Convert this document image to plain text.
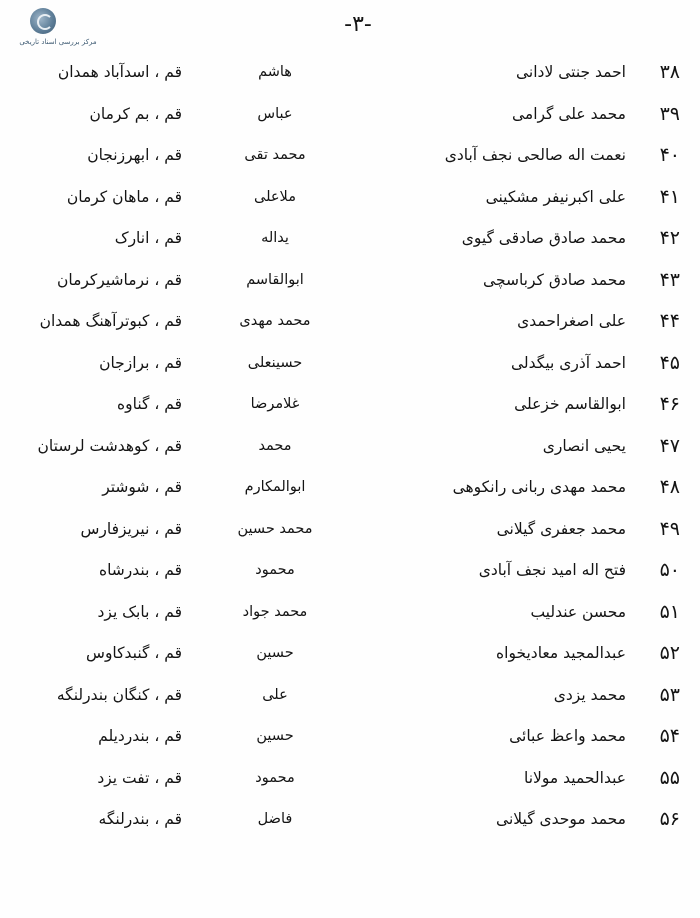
مرکز بررسی اسناد تاریخی
-۳-
۳۸
احمد جنتی لادانی
هاشم
قم ، اسدآباد همدان
۳۹
محمد علی گرامی
عباس
قم ، بم کرمان
۴۰
نعمت اله صالحی نجف آبادی
محمد تقی
قم ، ابهرزنجان
۴۱
علی اکبرنیفر مشکینی
ملاعلی
قم ، ماهان کرمان
۴۲
محمد صادق صادقی گیوی
یداله
قم ، انارک
۴۳
محمد صادق کرباسچی
ابوالقاسم
قم ، نرماشیرکرمان
۴۴
علی اصغراحمدی
محمد مهدی
قم ، کبوترآهنگ همدان
۴۵
احمد آذری بیگدلی
حسینعلی
قم ، برازجان
۴۶
ابوالقاسم خزعلی
غلامرضا
قم ، گناوه
۴۷
یحیی انصاری
محمد
قم ، کوهدشت لرستان
۴۸
محمد مهدی ربانی رانکوهی
ابوالمکارم
قم ، شوشتر
۴۹
محمد جعفری گیلانی
محمد حسین
قم ، نیریزفارس
۵۰
فتح اله امید نجف آبادی
محمود
قم ، بندرشاه
۵۱
محسن عندلیب
محمد جواد
قم ، بابک یزد
۵۲
عبدالمجید معادیخواه
حسین
قم ، گنبدکاوس
۵۳
محمد یزدی
علی
قم ، کنگان بندرلنگه
۵۴
محمد واعظ عبائی
حسین
قم ، بندرديلم
۵۵
عبدالحمید مولانا
محمود
قم ، تفت یزد
۵۶
محمد موحدی گیلانی
فاضل
قم ، بندرلنگه
